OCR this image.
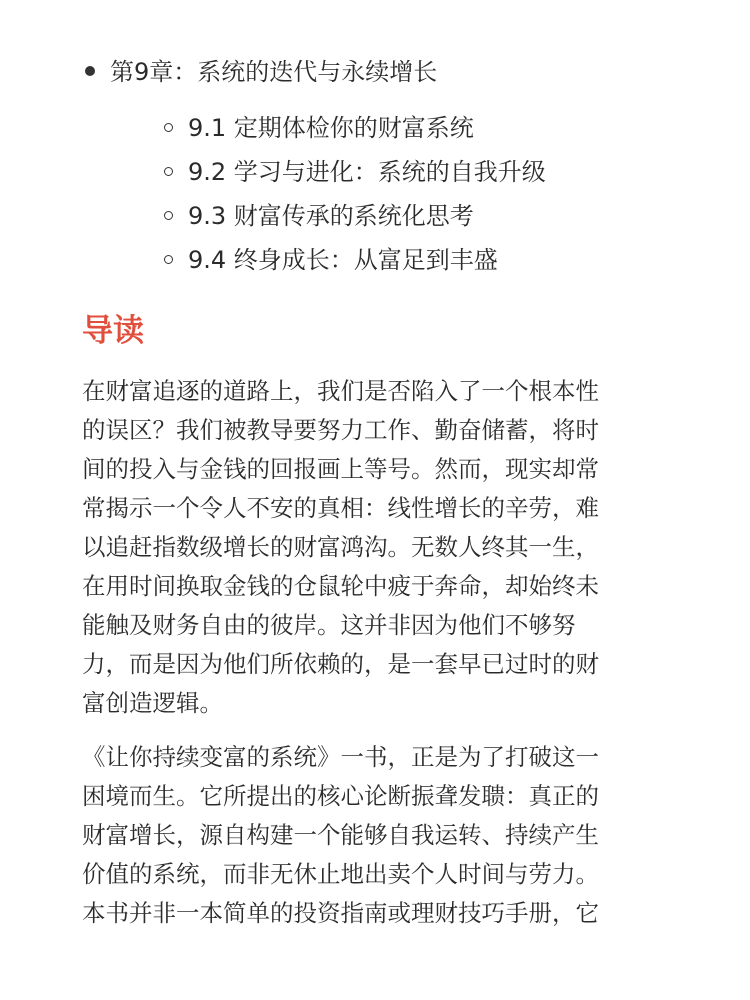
第9章：系统的迭代与永续增长
9.1 定期体检你的财富系统
9.2 学习与进化：系统的自我升级
9.3 财富传承的系统化思考
9.4 终身成长：从富足到丰盛
导读
在财富追逐的道路上，我们是否陷入了一个根本性
的误区？我们被教导要努力工作、勤奋储蓄，将时
间的投入与金钱的回报画上等号。然而，现实却常
常揭示一个令人不安的真相：线性增长的辛劳，难
以追赶指数级增长的财富鸿沟。无数人终其一生，
在用时间换取金钱的仓鼠轮中疲于奔命，却始终未
能触及财务自由的彼岸。这并非因为他们不够努
力，而是因为他们所依赖的，是一套早已过时的财
富创造逻辑。
《让你持续变富的系统》一书，正是为了打破这一
困境而生。它所提出的核心论断振聋发聩：真正的
财富增长，源自构建一个能够自我运转、持续产生
价值的系统，而非无休止地出卖个人时间与劳力。
本书并非一本简单的投资指南或理财技巧手册，它
